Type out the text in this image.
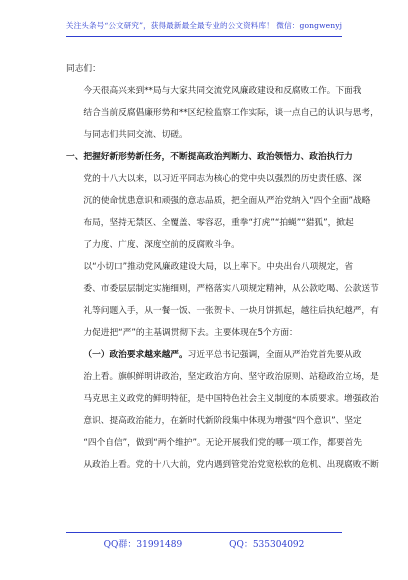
关注头条号“公文研究”，获得最新最全最专业的公文资料库！ 微信：gongwenyj
同志们：
今天很高兴来到**局与大家共同交流党风廉政建设和反腐败工作。下面我
结合当前反腐倡廉形势和**区纪检监察工作实际，谈一点自己的认识与思考，
与同志们共同交流、切磋。
一、把握好新形势新任务，不断提高政治判断力、政治领悟力、政治执行力
党的十八大以来，以习近平同志为核心的党中央以强烈的历史责任感、深
沉的使命忧患意识和顽强的意志品质，把全面从严治党纳入“四个全面”战略
布局，坚持无禁区、全覆盖、零容忍，重拳“打虎”“拍蝇”“猎狐”，掀起
了力度、广度、深度空前的反腐败斗争。
以“小切口”推动党风廉政建设大局，以上率下。中央出台八项规定，省
委、市委层层制定实施细则，严格落实八项规定精神，从公款吃喝、公款送节
礼等问题入手，从一餐一饭、一张贺卡、一块月饼抓起，越往后执纪越严，有
力促进把“严”的主基调贯彻下去。主要体现在5个方面：
（一）政治要求越来越严。习近平总书记强调，全面从严治党首先要从政
治上看。旗帜鲜明讲政治，坚定政治方向、坚守政治原则、站稳政治立场，是
马克思主义政党的鲜明特征，是中国特色社会主义制度的本质要求。增强政治
意识、提高政治能力，在新时代新阶段集中体现为增强“四个意识”、坚定
“四个自信”，做到“两个维护”。无论开展我们党的哪一项工作，都要首先
从政治上看。党的十八大前，党内遇到管党治党宽松软的危机、出现腐败不断
QQ群：31991489	QQ：535304092
